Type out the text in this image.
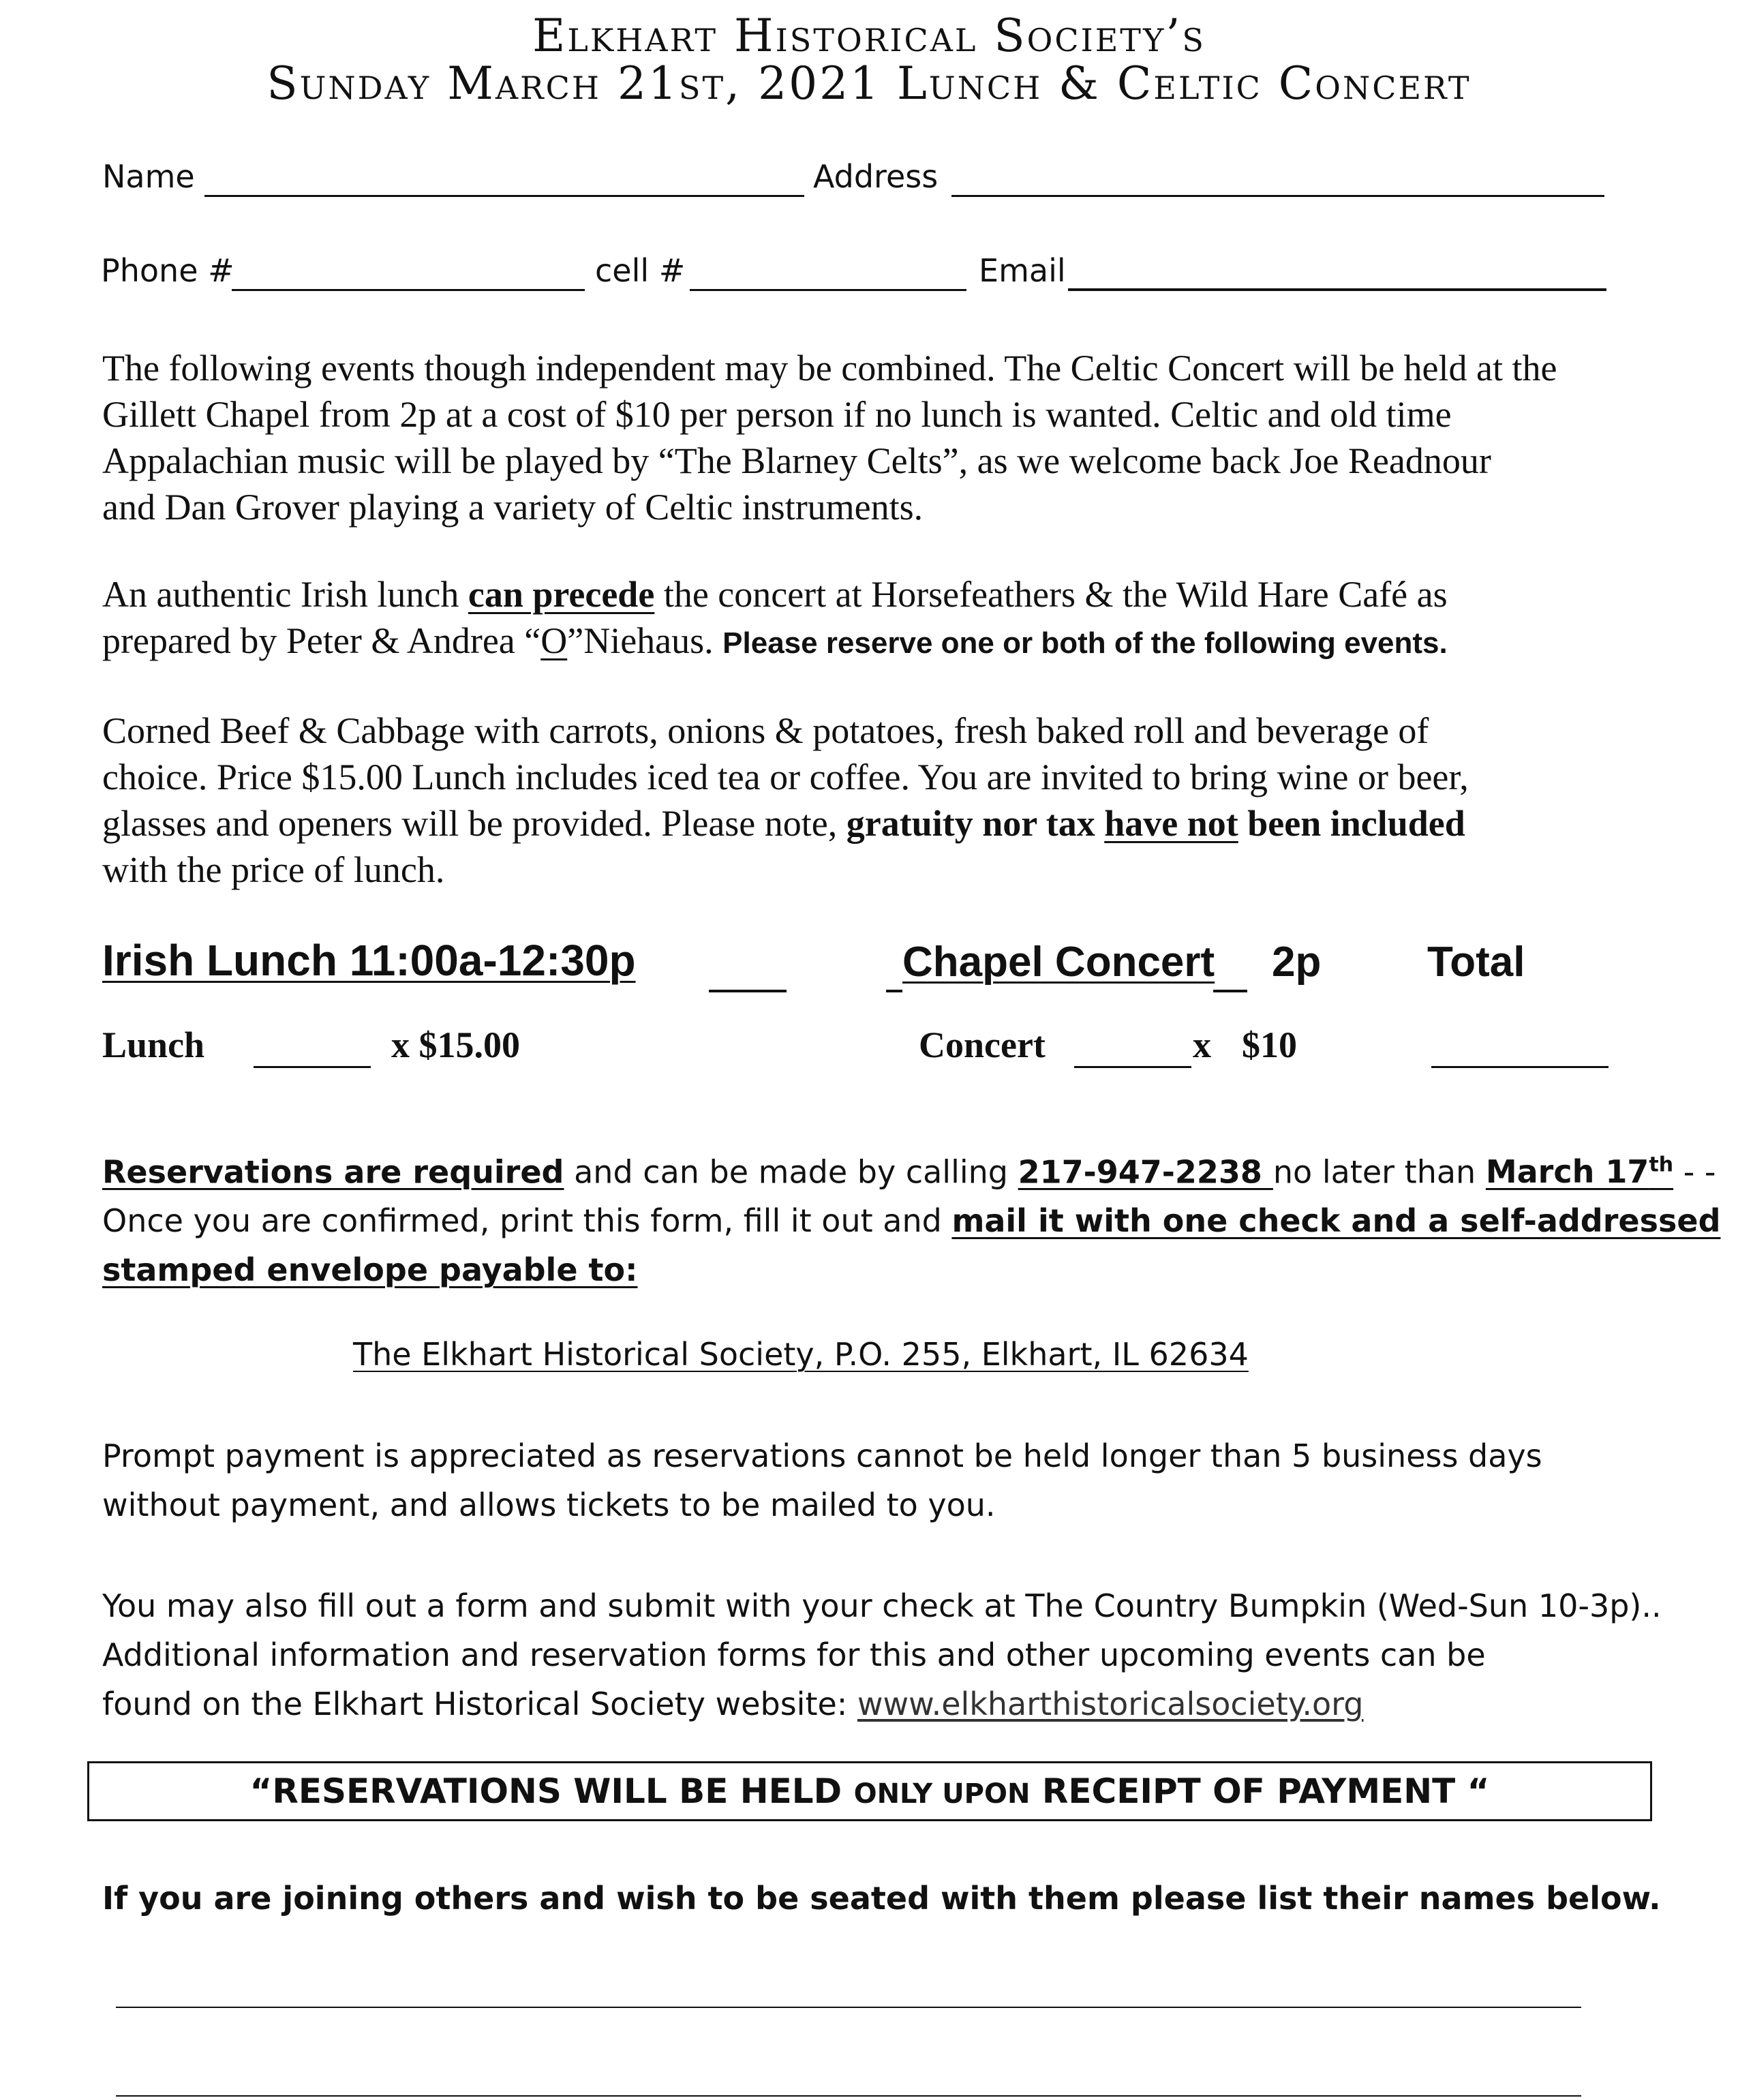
Elkhart Historical Society’s
Sunday March 21st, 2021 Lunch & Celtic Concert
Name	Address
Phone #	cell #	Email
The following events though independent may be combined. The Celtic Concert will be held at the
Gillett Chapel from 2p at a cost of $10 per person if no lunch is wanted. Celtic and old time
Appalachian music will be played by “The Blarney Celts”, as we welcome back Joe Readnour
and Dan Grover playing a variety of Celtic instruments.
An authentic Irish lunch can precede the concert at Horsefeathers & the Wild Hare Café as
prepared by Peter & Andrea “O”Niehaus. Please reserve one or both of the following events.
Corned Beef & Cabbage with carrots, onions & potatoes, fresh baked roll and beverage of
choice. Price $15.00 Lunch includes iced tea or coffee. You are invited to bring wine or beer,
glasses and openers will be provided. Please note, gratuity nor tax have not been included
with the price of lunch.
Irish Lunch 11:00a-12:30p	Chapel Concert 2p	Total
Lunch	x $15.00	Concert	x $10
Reservations are required and can be made by calling 217-947-2238 no later than March 17th - -
Once you are confirmed, print this form, fill it out and mail it with one check and a self-addressed
stamped envelope payable to:
The Elkhart Historical Society, P.O. 255, Elkhart, IL 62634
Prompt payment is appreciated as reservations cannot be held longer than 5 business days
without payment, and allows tickets to be mailed to you.
You may also fill out a form and submit with your check at The Country Bumpkin (Wed-Sun 10-3p)..
Additional information and reservation forms for this and other upcoming events can be
found on the Elkhart Historical Society website: www.elkharthistoricalsociety.org
“RESERVATIONS WILL BE HELD ONLY UPON RECEIPT OF PAYMENT “
If you are joining others and wish to be seated with them please list their names below.
